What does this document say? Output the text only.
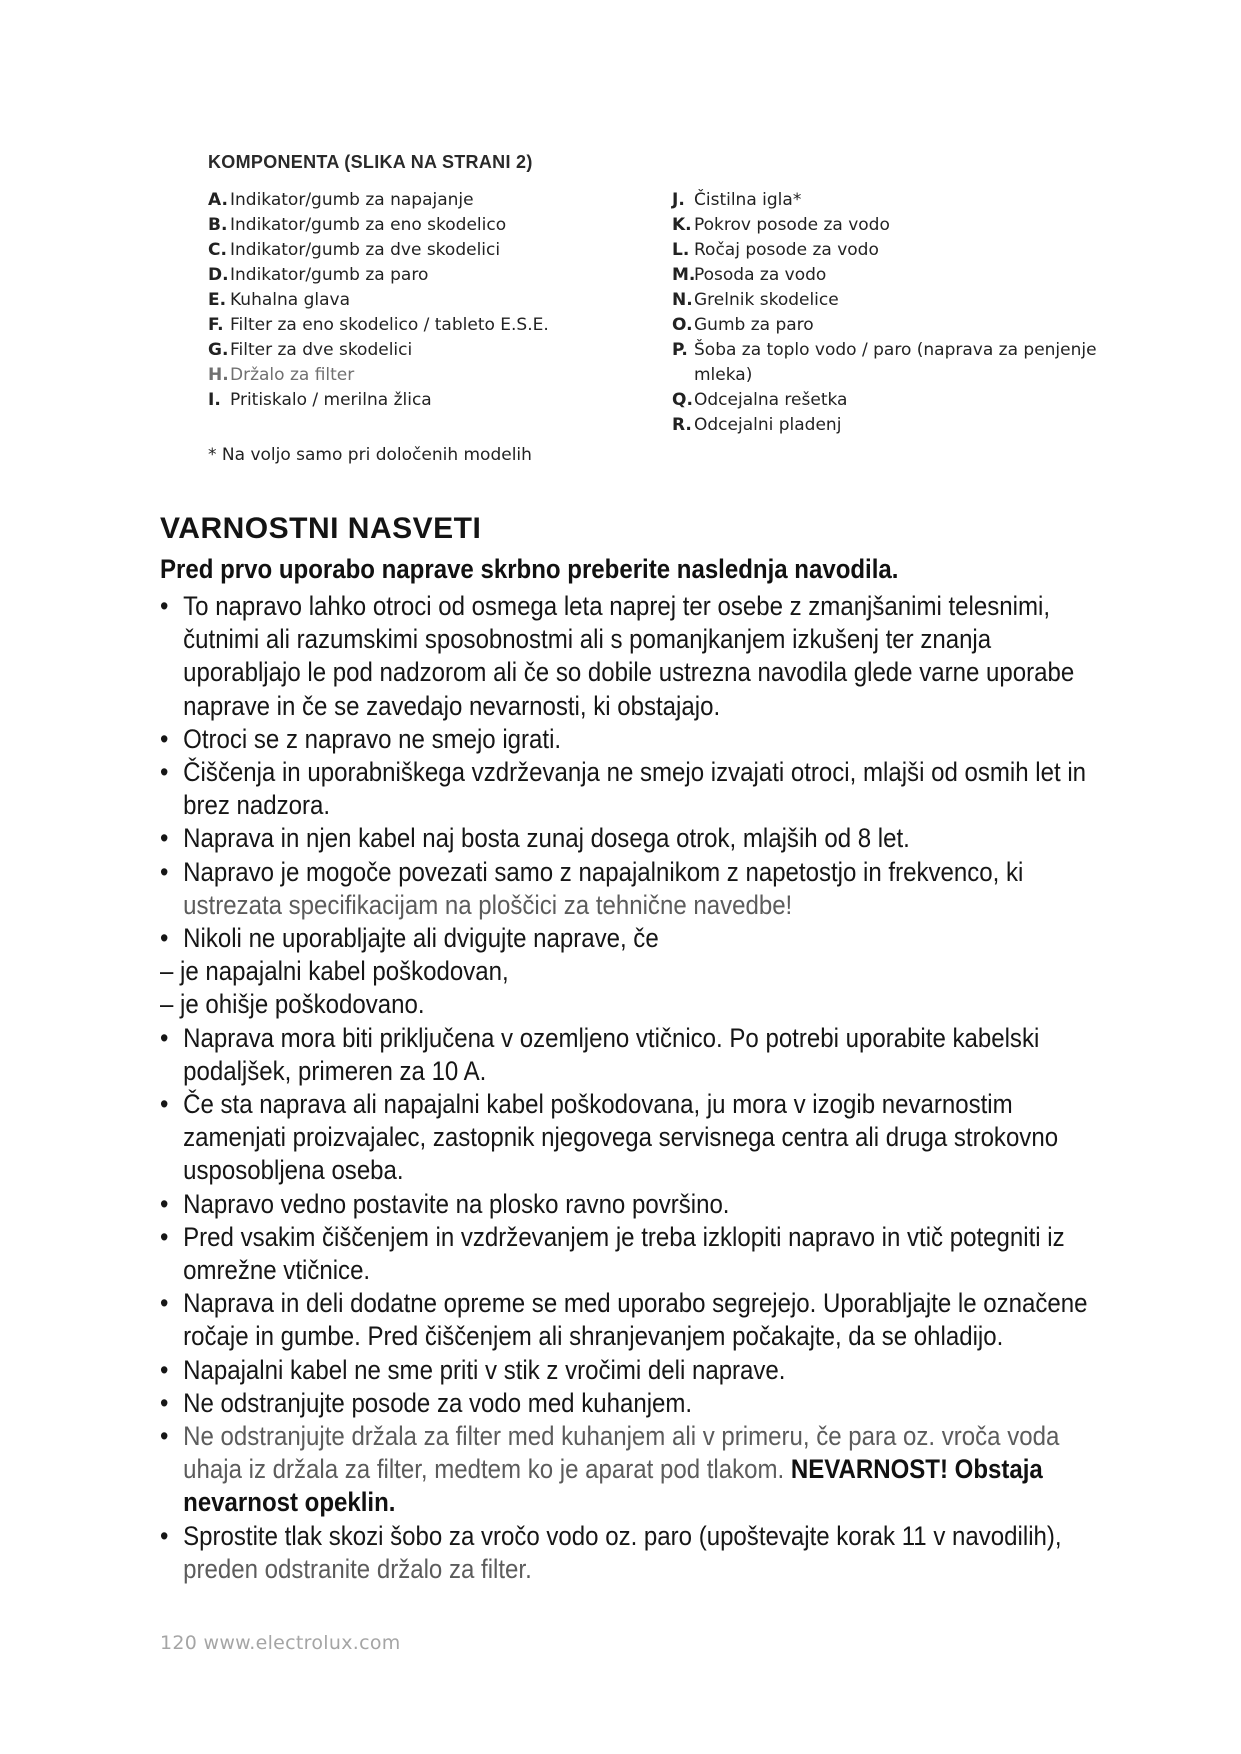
KOMPONENTA (SLIKA NA STRANI 2)
A. Indikator/gumb za napajanje
B. Indikator/gumb za eno skodelico
C. Indikator/gumb za dve skodelici
D. Indikator/gumb za paro
E. Kuhalna glava
F. Filter za eno skodelico / tableto E.S.E.
G. Filter za dve skodelici
H. Držalo za filter
I. Pritiskalo / merilna žlica
J. Čistilna igla*
K. Pokrov posode za vodo
L. Ročaj posode za vodo
M.
Posoda za vodo
N. Grelnik skodelice
O. Gumb za paro
P. Šoba za toplo vodo / paro (naprava za penjenje mleka)
Q. Odcejalna rešetka
R. Odcejalni pladenj
* Na voljo samo pri določenih modelih
VARNOSTNI NASVETI
Pred prvo uporabo naprave skrbno preberite naslednja navodila.
• To napravo lahko otroci od osmega leta naprej ter osebe z zmanjšanimi telesnimi, čutnimi ali razumskimi sposobnostmi ali s pomanjkanjem izkušenj ter znanja uporabljajo le pod nadzorom ali če so dobile ustrezna navodila glede varne uporabe naprave in če se zavedajo nevarnosti, ki obstajajo.
• Otroci se z napravo ne smejo igrati.
• Čiščenja in uporabniškega vzdrževanja ne smejo izvajati otroci, mlajši od osmih let in brez nadzora.
• Naprava in njen kabel naj bosta zunaj dosega otrok, mlajših od 8 let.
• Napravo je mogoče povezati samo z napajalnikom z napetostjo in frekvenco, ki ustrezata specifikacijam na ploščici za tehnične navedbe!
• Nikoli ne uporabljajte ali dvigujte naprave, če
– je napajalni kabel poškodovan,
– je ohišje poškodovano.
• Naprava mora biti priključena v ozemljeno vtičnico. Po potrebi uporabite kabelski podaljšek, primeren za 10 A.
• Če sta naprava ali napajalni kabel poškodovana, ju mora v izogib nevarnostim zamenjati proizvajalec, zastopnik njegovega servisnega centra ali druga strokovno usposobljena oseba.
• Napravo vedno postavite na plosko ravno površino.
• Pred vsakim čiščenjem in vzdrževanjem je treba izklopiti napravo in vtič potegniti iz omrežne vtičnice.
• Naprava in deli dodatne opreme se med uporabo segrejejo. Uporabljajte le označene ročaje in gumbe. Pred čiščenjem ali shranjevanjem počakajte, da se ohladijo.
• Napajalni kabel ne sme priti v stik z vročimi deli naprave.
• Ne odstranjujte posode za vodo med kuhanjem.
• Ne odstranjujte držala za filter med kuhanjem ali v primeru, če para oz. vroča voda uhaja iz držala za filter, medtem ko je aparat pod tlakom. NEVARNOST! Obstaja nevarnost opeklin.
• Sprostite tlak skozi šobo za vročo vodo oz. paro (upoštevajte korak 11 v navodilih), preden odstranite držalo za filter.
120 www.electrolux.com
